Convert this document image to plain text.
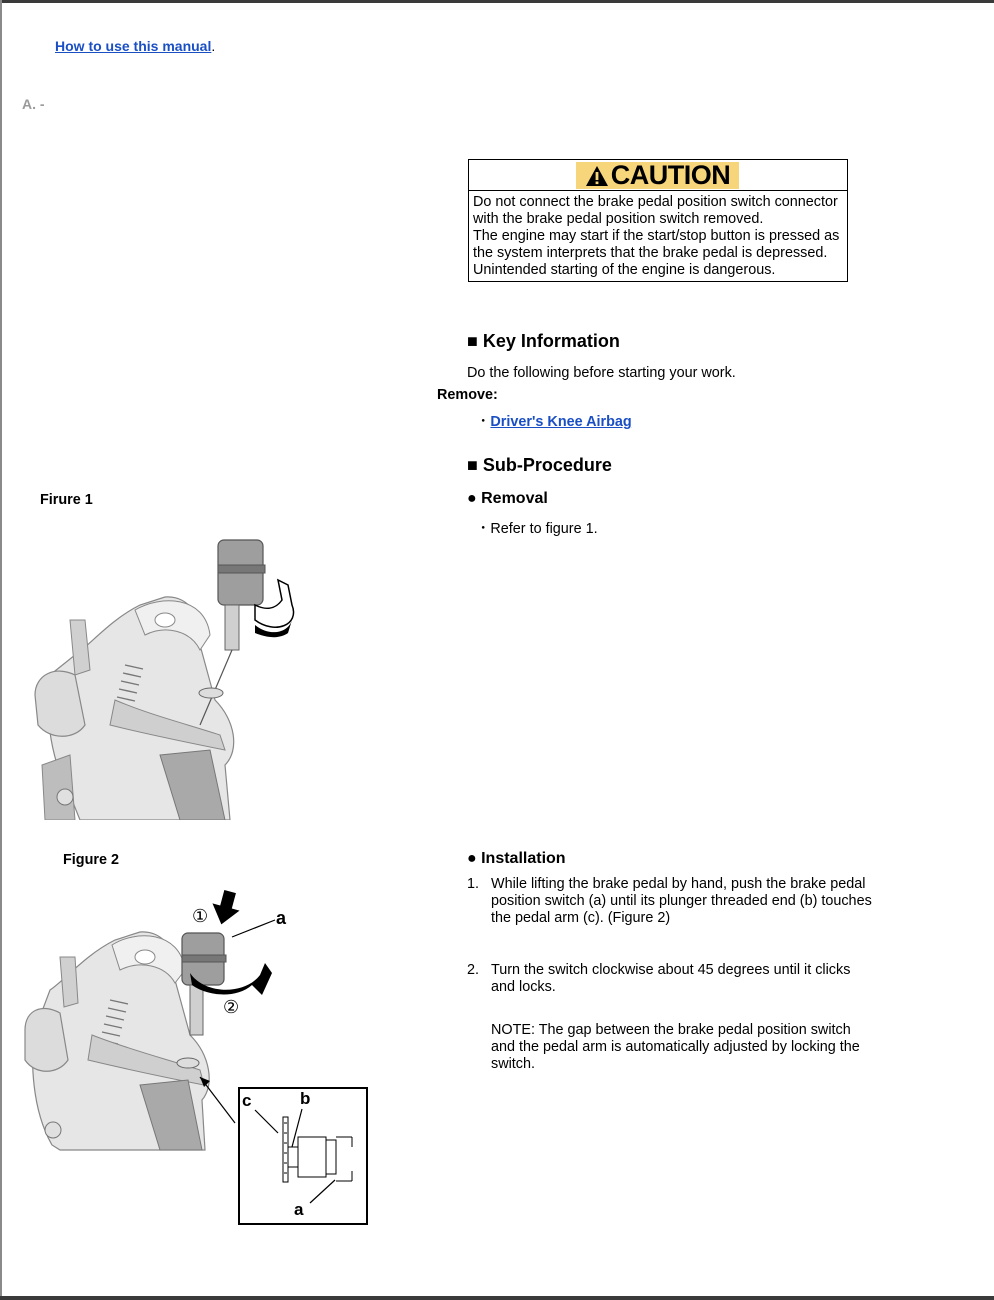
How to use this manual.
A. -
CAUTION
Do not connect the brake pedal position switch connector
with the brake pedal position switch removed.
The engine may start if the start/stop button is pressed as
the system interprets that the brake pedal is depressed.
Unintended starting of the engine is dangerous.
■ Key Information
Do the following before starting your work.
Remove:
・Driver's Knee Airbag
■ Sub-Procedure
● Removal
・Refer to figure 1.
Firure 1
Figure 2
①
②
a
c	b
a
● Installation
1. While lifting the brake pedal by hand, push the brake pedal
position switch (a) until its plunger threaded end (b) touches
the pedal arm (c). (Figure 2)
2. Turn the switch clockwise about 45 degrees until it clicks
and locks.
NOTE: The gap between the brake pedal position switch
and the pedal arm is automatically adjusted by locking the
switch.
